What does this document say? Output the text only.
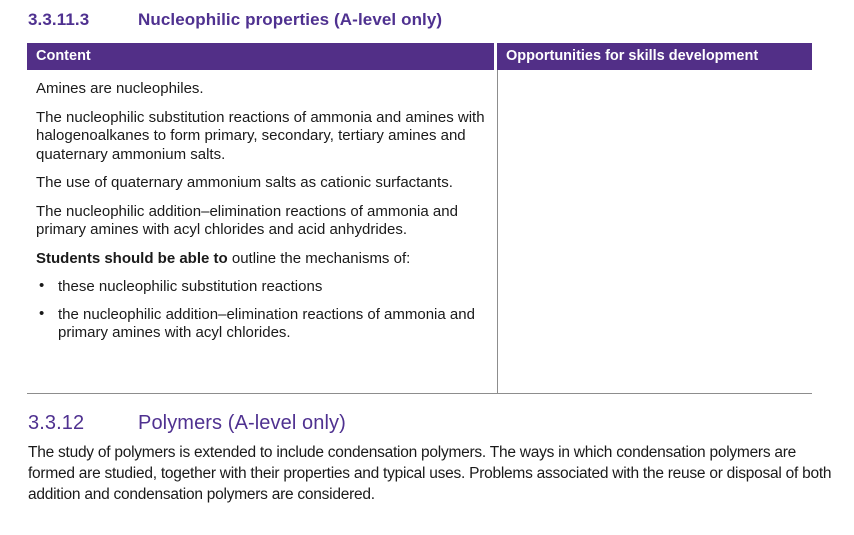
3.3.11.3	Nucleophilic properties (A-level only)
Content	Opportunities for skills development

Amines are nucleophiles.

The nucleophilic substitution reactions of ammonia and amines with halogenoalkanes to form primary, secondary, tertiary amines and quaternary ammonium salts.

The use of quaternary ammonium salts as cationic surfactants.

The nucleophilic addition–elimination reactions of ammonia and primary amines with acyl chlorides and acid anhydrides.

Students should be able to outline the mechanisms of:

• these nucleophilic substitution reactions
• the nucleophilic addition–elimination reactions of ammonia and primary amines with acyl chlorides.
3.3.12	Polymers (A-level only)

The study of polymers is extended to include condensation polymers. The ways in which condensation polymers are formed are studied, together with their properties and typical uses. Problems associated with the reuse or disposal of both addition and condensation polymers are considered.
